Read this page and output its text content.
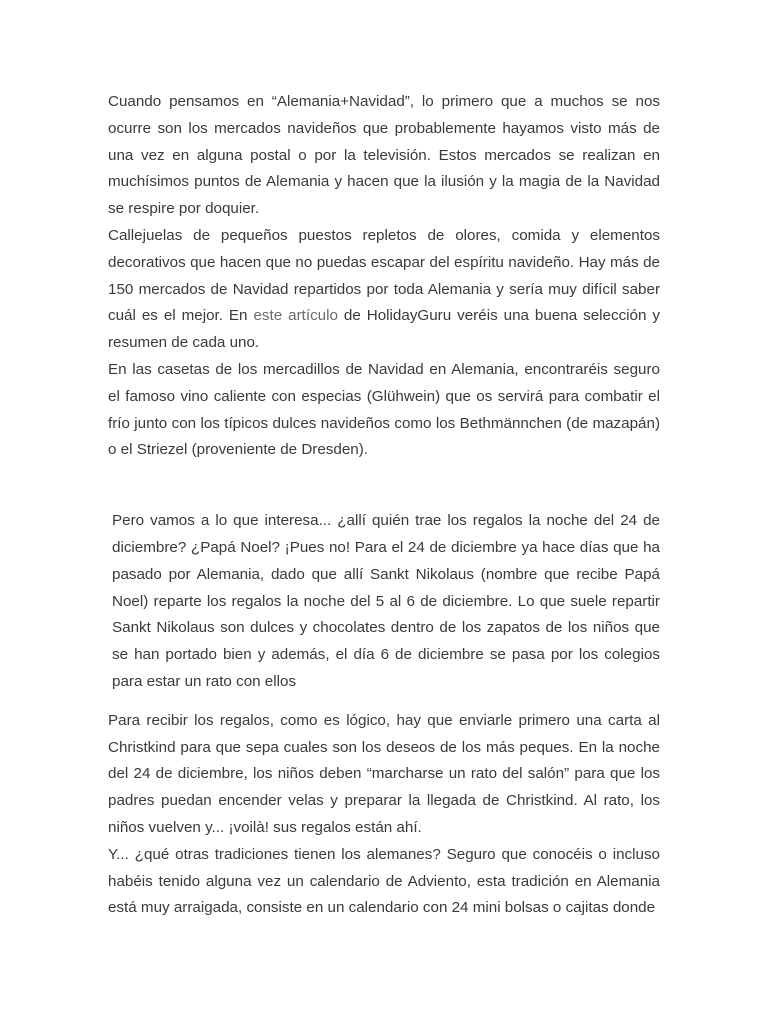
Cuando pensamos en “Alemania+Navidad”, lo primero que a muchos se nos ocurre son los mercados navideños que probablemente hayamos visto más de una vez en alguna postal o por la televisión. Estos mercados se realizan en muchísimos puntos de Alemania y hacen que la ilusión y la magia de la Navidad se respire por doquier.

Callejuelas de pequeños puestos repletos de olores, comida y elementos decorativos que hacen que no puedas escapar del espíritu navideño. Hay más de 150 mercados de Navidad repartidos por toda Alemania y sería muy difícil saber cuál es el mejor. En este artículo de HolidayGuru veréis una buena selección y resumen de cada uno.

En las casetas de los mercadillos de Navidad en Alemania, encontraréis seguro el famoso vino caliente con especias (Glühwein) que os servirá para combatir el frío junto con los típicos dulces navideños como los Bethmännchen (de mazapán) o el Striezel (proveniente de Dresden).

Pero vamos a lo que interesa... ¿allí quién trae los regalos la noche del 24 de diciembre? ¿Papá Noel? ¡Pues no! Para el 24 de diciembre ya hace días que ha pasado por Alemania, dado que allí Sankt Nikolaus (nombre que recibe Papá Noel) reparte los regalos la noche del 5 al 6 de diciembre. Lo que suele repartir Sankt Nikolaus son dulces y chocolates dentro de los zapatos de los niños que se han portado bien y además, el día 6 de diciembre se pasa por los colegios para estar un rato con ellos

Para recibir los regalos, como es lógico, hay que enviarle primero una carta al Christkind para que sepa cuales son los deseos de los más peques. En la noche del 24 de diciembre, los niños deben “marcharse un rato del salón” para que los padres puedan encender velas y preparar la llegada de Christkind. Al rato, los niños vuelven y... ¡voilà! sus regalos están ahí.

Y... ¿qué otras tradiciones tienen los alemanes? Seguro que conocéis o incluso habéis tenido alguna vez un calendario de Adviento, esta tradición en Alemania está muy arraigada, consiste en un calendario con 24 mini bolsas o cajitas donde
